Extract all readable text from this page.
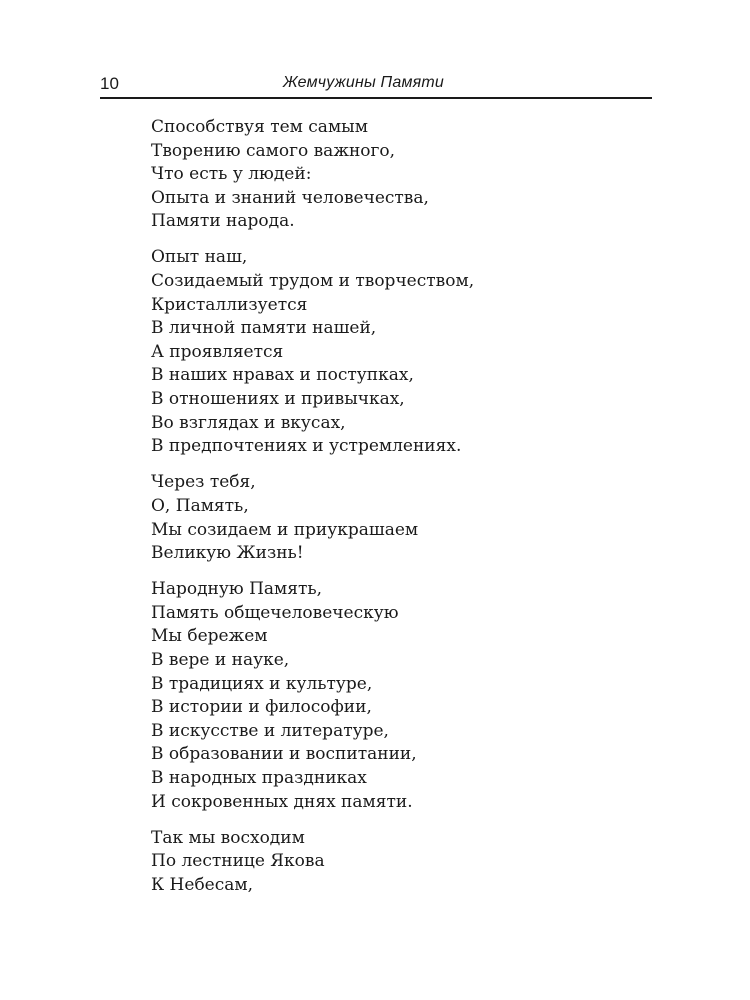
10	Жемчужины Памяти
Способствуя тем самым
Творению самого важного,
Что есть у людей:
Опыта и знаний человечества,
Памяти народа.
Опыт наш,
Созидаемый трудом и творчеством,
Кристаллизуется
В личной памяти нашей,
А проявляется
В наших нравах и поступках,
В отношениях и привычках,
Во взглядах и вкусах,
В предпочтениях и устремлениях.
Через тебя,
О, Память,
Мы созидаем и приукрашаем
Великую Жизнь!
Народную Память,
Память общечеловеческую
Мы бережем
В вере и науке,
В традициях и культуре,
В истории и философии,
В искусстве и литературе,
В образовании и воспитании,
В народных праздниках
И сокровенных днях памяти.
Так мы восходим
По лестнице Якова
К Небесам,
